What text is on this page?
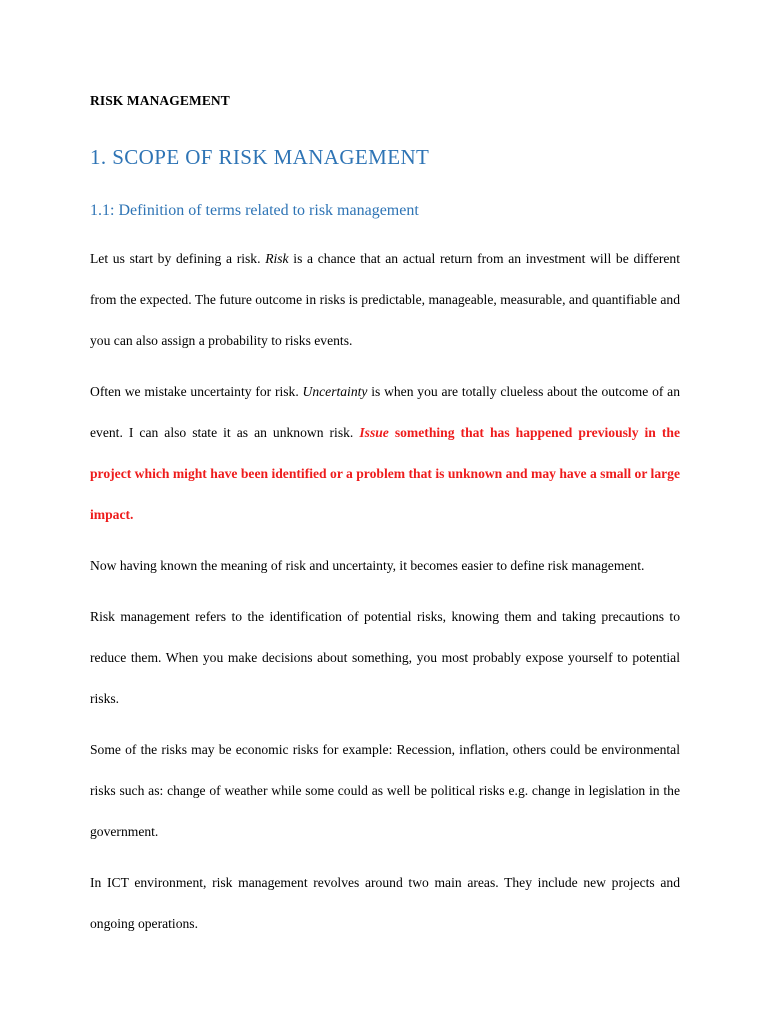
RISK MANAGEMENT
1. SCOPE OF RISK MANAGEMENT
1.1: Definition of terms related to risk management

Let us start by defining a risk. Risk is a chance that an actual return from an investment will be different from the expected. The future outcome in risks is predictable, manageable, measurable, and quantifiable and you can also assign a probability to risks events.

Often we mistake uncertainty for risk. Uncertainty is when you are totally clueless about the outcome of an event. I can also state it as an unknown risk. Issue something that has happened previously in the project which might have been identified or a problem that is unknown and may have a small or large impact.

Now having known the meaning of risk and uncertainty, it becomes easier to define risk management.

Risk management refers to the identification of potential risks, knowing them and taking precautions to reduce them. When you make decisions about something, you most probably expose yourself to potential risks.

Some of the risks may be economic risks for example: Recession, inflation, others could be environmental risks such as: change of weather while some could as well be political risks e.g. change in legislation in the government.

In ICT environment, risk management revolves around two main areas. They include new projects and ongoing operations.
